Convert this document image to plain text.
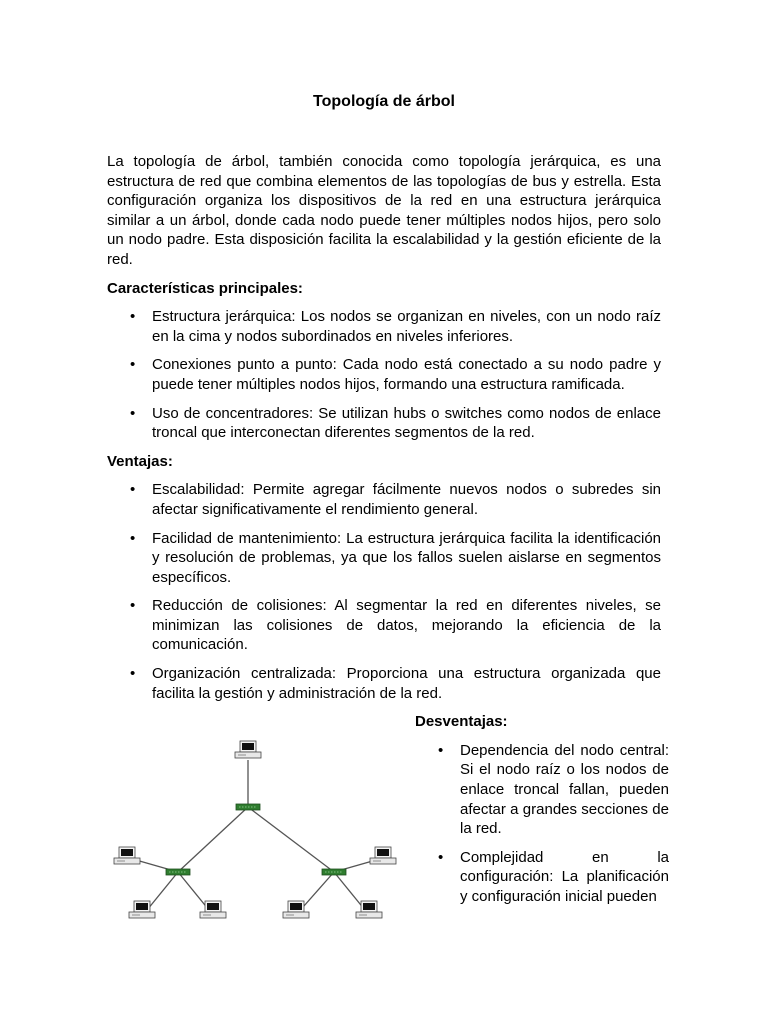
Topología de árbol

La topología de árbol, también conocida como topología jerárquica, es una estructura de red que combina elementos de las topologías de bus y estrella. Esta configuración organiza los dispositivos de la red en una estructura jerárquica similar a un árbol, donde cada nodo puede tener múltiples nodos hijos, pero solo un nodo padre. Esta disposición facilita la escalabilidad y la gestión eficiente de la red.

Características principales:
• Estructura jerárquica: Los nodos se organizan en niveles, con un nodo raíz en la cima y nodos subordinados en niveles inferiores.
• Conexiones punto a punto: Cada nodo está conectado a su nodo padre y puede tener múltiples nodos hijos, formando una estructura ramificada.
• Uso de concentradores: Se utilizan hubs o switches como nodos de enlace troncal que interconectan diferentes segmentos de la red.
Ventajas:
• Escalabilidad: Permite agregar fácilmente nuevos nodos o subredes sin afectar significativamente el rendimiento general.
• Facilidad de mantenimiento: La estructura jerárquica facilita la identificación y resolución de problemas, ya que los fallos suelen aislarse en segmentos específicos.
• Reducción de colisiones: Al segmentar la red en diferentes niveles, se minimizan las colisiones de datos, mejorando la eficiencia de la comunicación.
• Organización centralizada: Proporciona una estructura organizada que facilita la gestión y administración de la red.
Desventajas:
• Dependencia del nodo central: Si el nodo raíz o los nodos de enlace troncal fallan, pueden afectar a grandes secciones de la red.
• Complejidad en la configuración: La planificación y configuración inicial pueden
